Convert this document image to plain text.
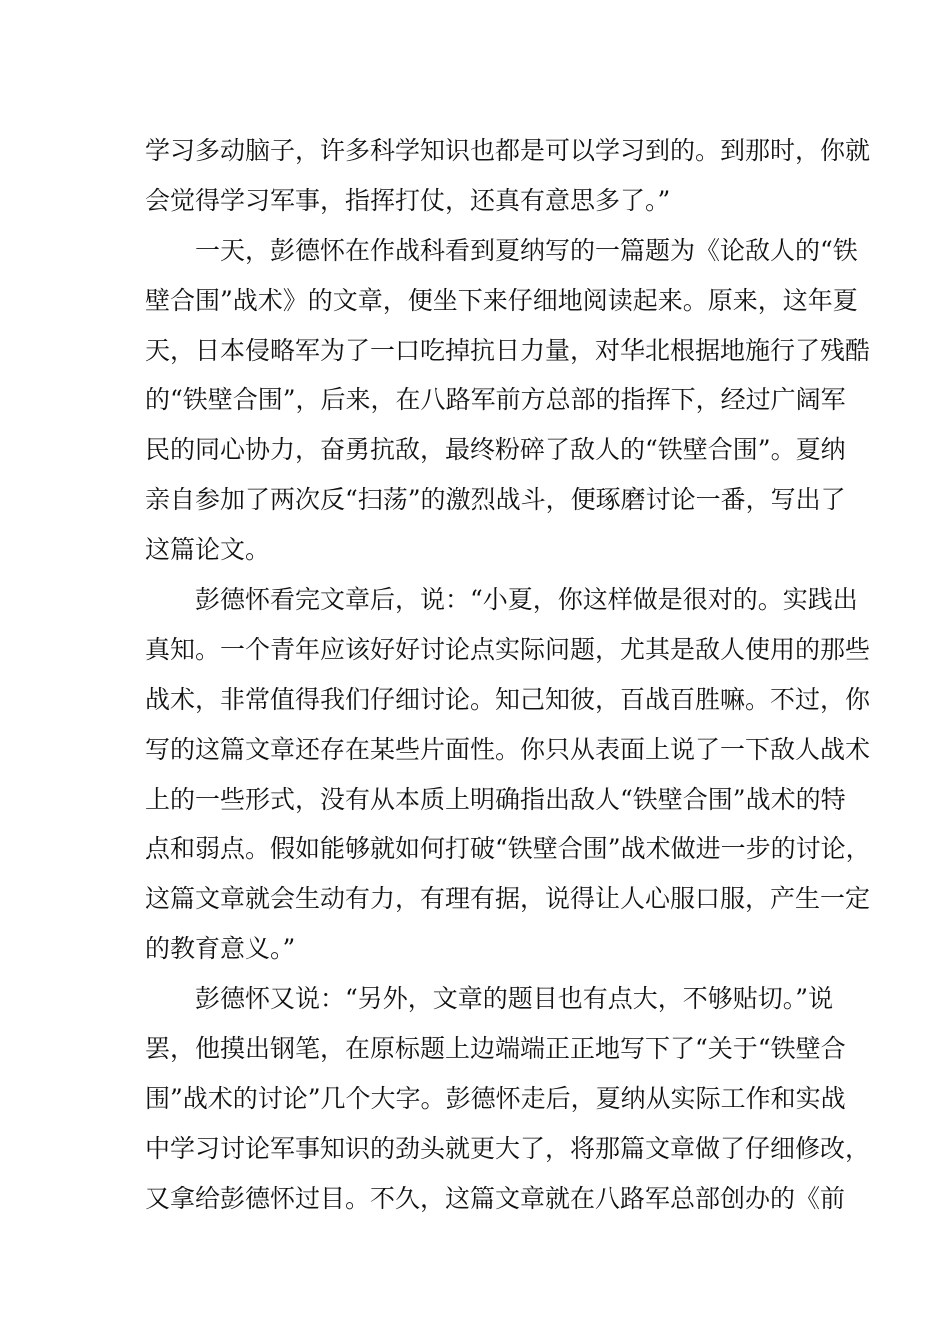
学习多动脑子，许多科学知识也都是可以学习到的。到那时，你就
会觉得学习军事，指挥打仗，还真有意思多了。”
一天，彭德怀在作战科看到夏纳写的一篇题为《论敌人的“铁
壁合围”战术》的文章，便坐下来仔细地阅读起来。原来，这年夏
天，日本侵略军为了一口吃掉抗日力量，对华北根据地施行了残酷
的“铁壁合围”，后来，在八路军前方总部的指挥下，经过广阔军
民的同心协力，奋勇抗敌，最终粉碎了敌人的“铁壁合围”。夏纳
亲自参加了两次反“扫荡”的激烈战斗，便琢磨讨论一番，写出了
这篇论文。
彭德怀看完文章后，说：“小夏，你这样做是很对的。实践出
真知。一个青年应该好好讨论点实际问题，尤其是敌人使用的那些
战术，非常值得我们仔细讨论。知己知彼，百战百胜嘛。不过，你
写的这篇文章还存在某些片面性。你只从表面上说了一下敌人战术
上的一些形式，没有从本质上明确指出敌人“铁壁合围”战术的特
点和弱点。假如能够就如何打破“铁壁合围”战术做进一步的讨论，
这篇文章就会生动有力，有理有据，说得让人心服口服，产生一定
的教育意义。”
彭德怀又说：“另外，文章的题目也有点大，不够贴切。”说
罢，他摸出钢笔，在原标题上边端端正正地写下了“关于“铁壁合
围”战术的讨论”几个大字。彭德怀走后，夏纳从实际工作和实战
中学习讨论军事知识的劲头就更大了，将那篇文章做了仔细修改，
又拿给彭德怀过目。不久，这篇文章就在八路军总部创办的《前
